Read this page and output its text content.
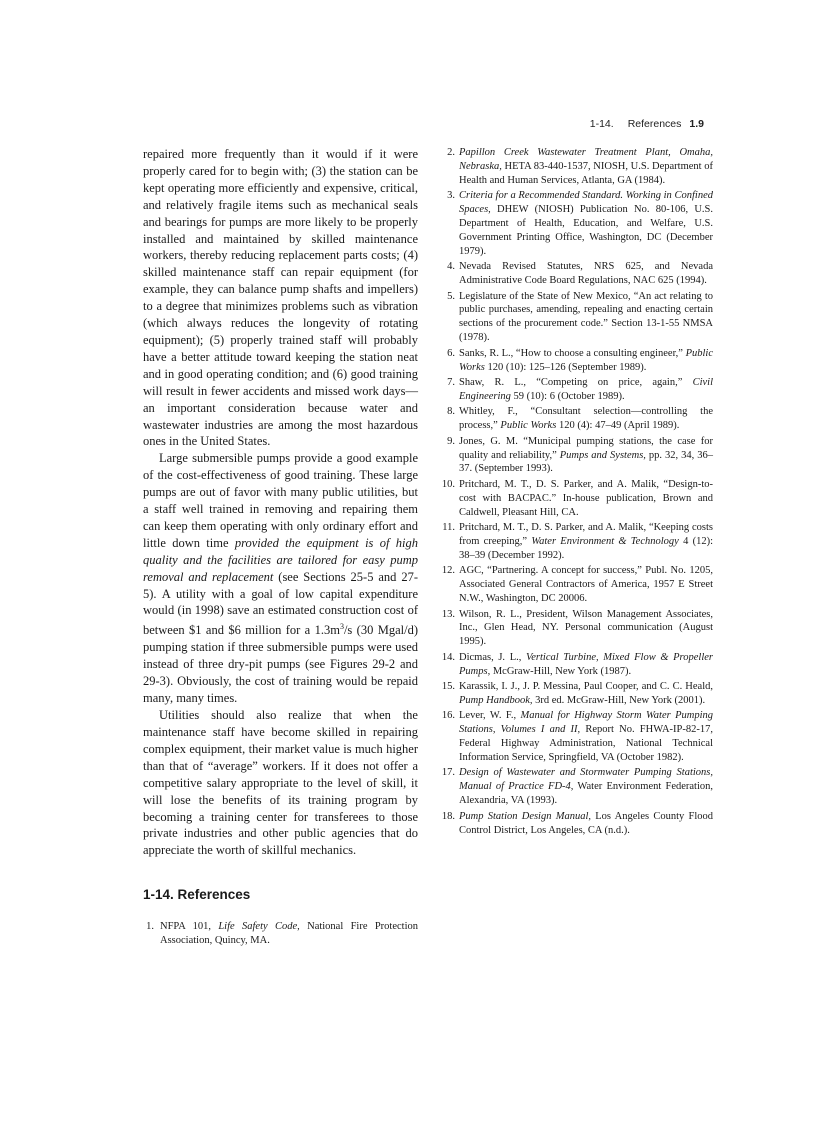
1-14. References 1.9

repaired more frequently than it would if it were properly cared for to begin with; (3) the station can be kept operating more efficiently and expensive, critical, and relatively fragile items such as mechanical seals and bearings for pumps are more likely to be properly installed and maintained by skilled maintenance workers, thereby reducing replacement parts costs; (4) skilled maintenance staff can repair equipment (for example, they can balance pump shafts and impellers) to a degree that minimizes problems such as vibration (which always reduces the longevity of rotating equipment); (5) properly trained staff will probably have a better attitude toward keeping the station neat and in good operating condition; and (6) good training will result in fewer accidents and missed work days—an important consideration because water and wastewater industries are among the most hazardous ones in the United States.

Large submersible pumps provide a good example of the cost-effectiveness of good training. These large pumps are out of favor with many public utilities, but a staff well trained in removing and repairing them can keep them operating with only ordinary effort and little down time provided the equipment is of high quality and the facilities are tailored for easy pump removal and replacement (see Sections 25-5 and 27-5). A utility with a goal of low capital expenditure would (in 1998) save an estimated construction cost of between $1 and $6 million for a $1.3m^3/s$ (30 Mgal/d) pumping station if three submersible pumps were used instead of three dry-pit pumps (see Figures 29-2 and 29-3). Obviously, the cost of training would be repaid many, many times.

Utilities should also realize that when the maintenance staff have become skilled in repairing complex equipment, their market value is much higher than that of “average” workers. If it does not offer a competitive salary appropriate to the level of skill, it will lose the benefits of its training program by becoming a training center for transferees to those private industries and other public agencies that do appreciate the worth of skillful mechanics.

1-14. References
1. NFPA 101, Life Safety Code, National Fire Protection Association, Quincy, MA.
2. Papillon Creek Wastewater Treatment Plant, Omaha, Nebraska, HETA 83-440-1537, NIOSH, U.S. Department of Health and Human Services, Atlanta, GA (1984).
3. Criteria for a Recommended Standard. Working in Confined Spaces, DHEW (NIOSH) Publication No. 80-106, U.S. Department of Health, Education, and Welfare, U.S. Government Printing Office, Washington, DC (December 1979).
4. Nevada Revised Statutes, NRS 625, and Nevada Administrative Code Board Regulations, NAC 625 (1994).
5. Legislature of the State of New Mexico, “An act relating to public purchases, amending, repealing and enacting certain sections of the procurement code.” Section 13-1-55 NMSA (1978).
6. Sanks, R. L., “How to choose a consulting engineer,” Public Works 120 (10): 125–126 (September 1989).
7. Shaw, R. L., “Competing on price, again,” Civil Engineering 59 (10): 6 (October 1989).
8. Whitley, F., “Consultant selection—controlling the process,” Public Works 120 (4): 47–49 (April 1989).
9. Jones, G. M. “Municipal pumping stations, the case for quality and reliability,” Pumps and Systems, pp. 32, 34, 36–37. (September 1993).
10. Pritchard, M. T., D. S. Parker, and A. Malik, “Design-to-cost with BACPAC.” In-house publication, Brown and Caldwell, Pleasant Hill, CA.
11. Pritchard, M. T., D. S. Parker, and A. Malik, “Keeping costs from creeping,” Water Environment & Technology 4 (12): 38–39 (December 1992).
12. AGC, “Partnering. A concept for success,” Publ. No. 1205, Associated General Contractors of America, 1957 E Street N.W., Washington, DC 20006.
13. Wilson, R. L., President, Wilson Management Associates, Inc., Glen Head, NY. Personal communication (August 1995).
14. Dicmas, J. L., Vertical Turbine, Mixed Flow & Propeller Pumps, McGraw-Hill, New York (1987).
15. Karassik, I. J., J. P. Messina, Paul Cooper, and C. C. Heald, Pump Handbook, 3rd ed. McGraw-Hill, New York (2001).
16. Lever, W. F., Manual for Highway Storm Water Pumping Stations, Volumes I and II, Report No. FHWA-IP-82-17, Federal Highway Administration, National Technical Information Service, Springfield, VA (October 1982).
17. Design of Wastewater and Stormwater Pumping Stations, Manual of Practice FD-4, Water Environment Federation, Alexandria, VA (1993).
18. Pump Station Design Manual, Los Angeles County Flood Control District, Los Angeles, CA (n.d.).
